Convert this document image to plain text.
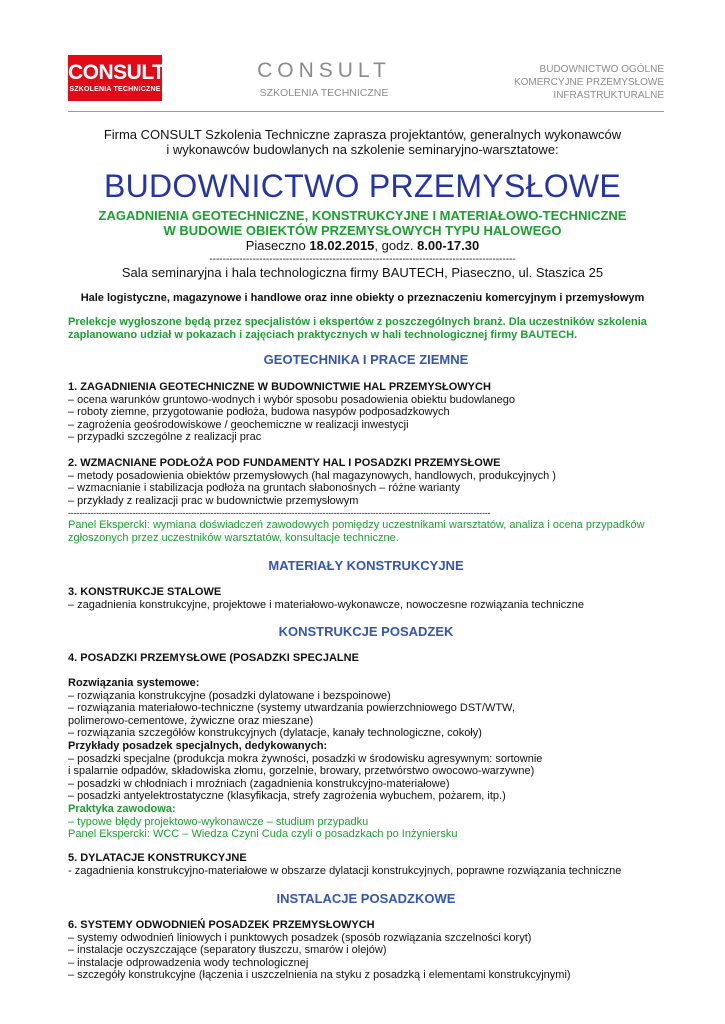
CONSULT
SZKOLENIA TECHNICZNE
CONSULT
SZKOLENIA TECHNICZNE
BUDOWNICTWO OGÓLNE
KOMERCYJNE PRZEMYSŁOWE
INFRASTRUKTURALNE
Firma CONSULT Szkolenia Techniczne zaprasza projektantów, generalnych wykonawców
i wykonawców budowlanych na szkolenie seminaryjno-warsztatowe:
BUDOWNICTWO PRZEMYSŁOWE
ZAGADNIENIA GEOTECHNICZNE, KONSTRUKCYJNE I MATERIAŁOWO-TECHNICZNE
W BUDOWIE OBIEKTÓW PRZEMYSŁOWYCH TYPU HALOWEGO
Piaseczno 18.02.2015, godz. 8.00-17.30
--------------------------------------------------------------------------------------------
Sala seminaryjna i hala technologiczna firmy BAUTECH, Piaseczno, ul. Staszica 25
Hale logistyczne, magazynowe i handlowe oraz inne obiekty o przeznaczeniu komercyjnym i przemysłowym
Prelekcje wygłoszone będą przez specjalistów i ekspertów z poszczególnych branż. Dla uczestników szkolenia
zaplanowano udział w pokazach i zajęciach praktycznych w hali technologicznej firmy BAUTECH.
GEOTECHNIKA I PRACE ZIEMNE
1. ZAGADNIENIA GEOTECHNICZNE W BUDOWNICTWIE HAL PRZEMYSŁOWYCH
– ocena warunków gruntowo-wodnych i wybór sposobu posadowienia obiektu budowlanego
– roboty ziemne, przygotowanie podłoża, budowa nasypów podposadzkowych
– zagrożenia geośrodowiskowe / geochemiczne w realizacji inwestycji
– przypadki szczególne z realizacji prac
2. WZMACNIANE PODŁOŻA POD FUNDAMENTY HAL I POSADZKI PRZEMYSŁOWE
– metody posadowienia obiektów przemysłowych (hal magazynowych, handlowych, produkcyjnych )
– wzmacnianie i stabilizacja podłoża na gruntach słabonośnych – różne warianty
– przykłady z realizacji prac w budownictwie przemysłowym
-------------------------------------------------------------------------------------------------------------------------------------------------------
Panel Ekspercki: wymiana doświadczeń zawodowych pomiędzy uczestnikami warsztatów, analiza i ocena przypadków
zgłoszonych przez uczestników warsztatów, konsultacje techniczne.
MATERIAŁY KONSTRUKCYJNE
3. KONSTRUKCJE STALOWE
– zagadnienia konstrukcyjne, projektowe i materiałowo-wykonawcze, nowoczesne rozwiązania techniczne
KONSTRUKCJE POSADZEK
4. POSADZKI PRZEMYSŁOWE (POSADZKI SPECJALNE
Rozwiązania systemowe:
– rozwiązania konstrukcyjne (posadzki dylatowane i bezspoinowe)
– rozwiązania materiałowo-techniczne (systemy utwardzania powierzchniowego DST/WTW,
polimerowo-cementowe, żywiczne oraz mieszane)
– rozwiązania szczegółów konstrukcyjnych (dylatacje, kanały technologiczne, cokoły)
Przykłady posadzek specjalnych, dedykowanych:
– posadzki specjalne (produkcja mokra żywności, posadzki w środowisku agresywnym: sortownie
i spalarnie odpadów, składowiska złomu, gorzelnie, browary, przetwórstwo owocowo-warzywne)
– posadzki w chłodniach i mroźniach (zagadnienia konstrukcyjno-materiałowe)
– posadzki antyelektrostatyczne (klasyfikacja, strefy zagrożenia wybuchem, pożarem, itp.)
Praktyka zawodowa:
– typowe błędy projektowo-wykonawcze – studium przypadku
Panel Ekspercki: WCC – Wiedza Czyni Cuda czyli o posadzkach po Inżyniersku
5. DYLATACJE KONSTRUKCYJNE
- zagadnienia konstrukcyjno-materiałowe w obszarze dylatacji konstrukcyjnych, poprawne rozwiązania techniczne
INSTALACJE POSADZKOWE
6. SYSTEMY ODWODNIEŃ POSADZEK PRZEMYSŁOWYCH
– systemy odwodnień liniowych i punktowych posadzek (sposób rozwiązania szczelności koryt)
– instalacje oczyszczające (separatory tłuszczu, smarów i olejów)
– instalacje odprowadzenia wody technologicznej
– szczegóły konstrukcyjne (łączenia i uszczelnienia na styku z posadzką i elementami konstrukcyjnymi)
